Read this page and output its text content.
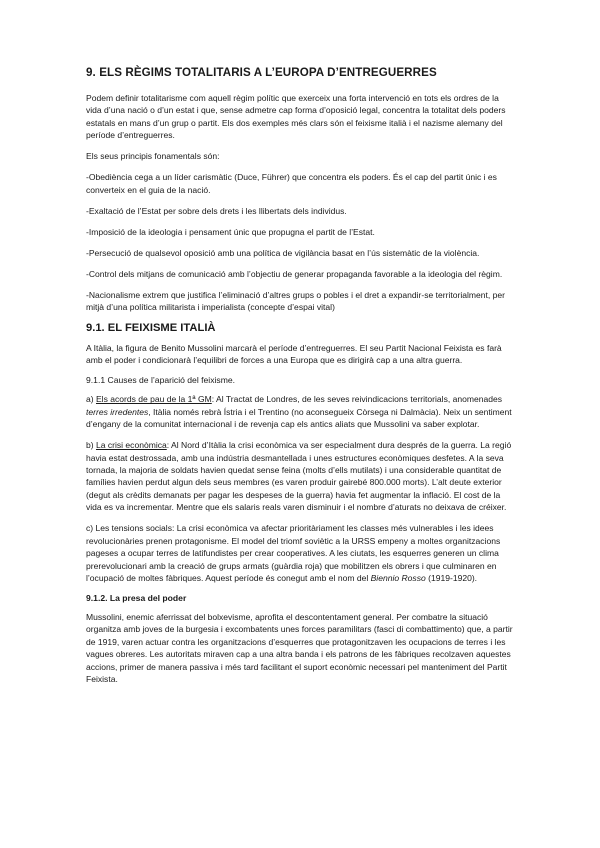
9. ELS RÈGIMS TOTALITARIS A L’EUROPA D’ENTREGUERRES

Podem definir totalitarisme com aquell règim polític que exerceix una forta intervenció en tots els ordres de la vida d’una nació o d’un estat i que, sense admetre cap forma d’oposició legal, concentra la totalitat dels poders estatals en mans d’un grup o partit. Els dos exemples més clars són el feixisme italià i el nazisme alemany del període d’entreguerres.

Els seus principis fonamentals són:

-Obediència cega a un líder carismàtic (Duce, Führer) que concentra els poders. És el cap del partit únic i es converteix en el guia de la nació.

-Exaltació de l’Estat per sobre dels drets i les llibertats dels individus.

-Imposició de la ideologia i pensament únic que propugna el partit de l’Estat.

-Persecució de qualsevol oposició amb una política de vigilància basat en l’ús sistemàtic de la violència.

-Control dels mitjans de comunicació amb l’objectiu de generar propaganda favorable a la ideologia del règim.

-Nacionalisme extrem que justifica l’eliminació d’altres grups o pobles i el dret a expandir-se territorialment, per mitjà d’una política militarista i imperialista (concepte d’espai vital)

9.1. EL FEIXISME ITALIÀ

A Itàlia, la figura de Benito Mussolini marcarà el període d’entreguerres. El seu Partit Nacional Feixista es farà amb el poder i condicionarà l’equilibri de forces a una Europa que es dirigirà cap a una altra guerra.

9.1.1 Causes de l’aparició del feixisme.

a) Els acords de pau de la 1ª GM: Al Tractat de Londres, de les seves reivindicacions territorials, anomenades terres irredentes, Itàlia només rebrà Ístria i el Trentino (no aconsegueix Còrsega ni Dalmàcia). Neix un sentiment d’engany de la comunitat internacional i de revenja cap els antics aliats que Mussolini va saber explotar.

b) La crisi econòmica: Al Nord d’Itàlia la crisi econòmica va ser especialment dura després de la guerra. La regió havia estat destrossada, amb una indústria desmantellada i unes estructures econòmiques desfetes. A la seva tornada, la majoria de soldats havien quedat sense feina (molts d’ells mutilats) i una considerable quantitat de famílies havien perdut algun dels seus membres (es varen produir gairebé 800.000 morts). L’alt deute exterior (degut als crèdits demanats per pagar les despeses de la guerra) havia fet augmentar la inflació. El cost de la vida es va incrementar. Mentre que els salaris reals varen disminuir i el nombre d’aturats no deixava de créixer.

c) Les tensions socials: La crisi econòmica va afectar prioritàriament les classes més vulnerables i les idees revolucionàries prenen protagonisme. El model del triomf soviètic a la URSS empeny a moltes organitzacions pageses a ocupar terres de latifundistes per crear cooperatives. A les ciutats, les esquerres generen un clima prerevolucionari amb la creació de grups armats (guàrdia roja) que mobilitzen els obrers i que culminaren en l’ocupació de moltes fàbriques. Aquest període és conegut amb el nom del Biennio Rosso (1919-1920).

9.1.2. La presa del poder

Mussolini, enemic aferrissat del bolxevisme, aprofita el descontentament general. Per combatre la situació organitza amb joves de la burgesia i excombatents unes forces paramilitars (fasci di combattimento) que, a partir de 1919, varen actuar contra les organitzacions d’esquerres que protagonitzaven les ocupacions de terres i les vagues obreres. Les autoritats miraven cap a una altra banda i els patrons de les fàbriques recolzaven aquestes accions, primer de manera passiva i més tard facilitant el suport econòmic necessari pel manteniment del Partit Feixista.
